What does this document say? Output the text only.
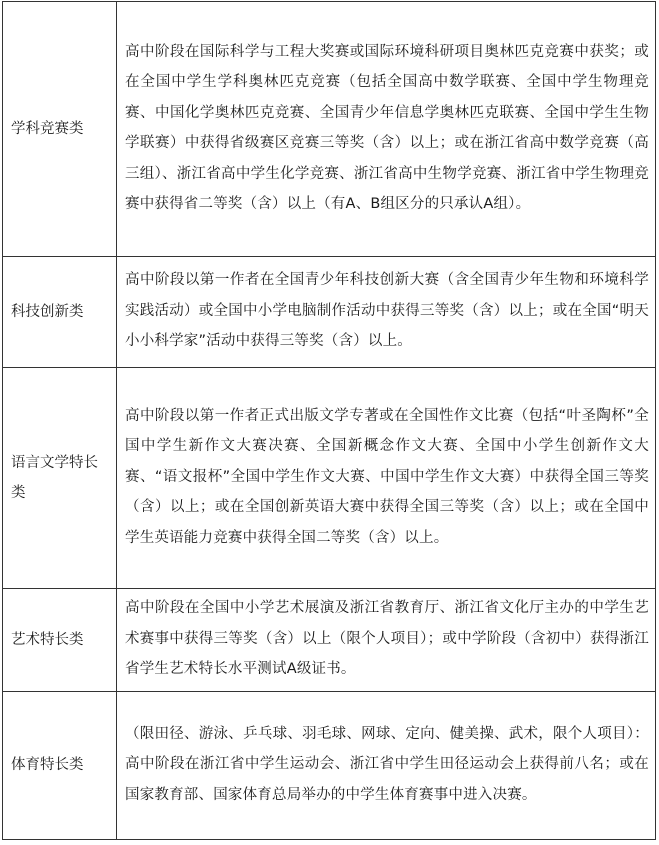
学科竞赛类	高中阶段在国际科学与工程大奖赛或国际环境科研项目奥林匹克竞赛中获奖；或在全国中学生学科奥林匹克竞赛（包括全国高中数学联赛、全国中学生物理竞赛、中国化学奥林匹克竞赛、全国青少年信息学奥林匹克联赛、全国中学生生物学联赛）中获得省级赛区竞赛三等奖（含）以上；或在浙江省高中数学竞赛（高三组）、浙江省高中学生化学竞赛、浙江省高中生物学竞赛、浙江省中学生物理竞赛中获得省二等奖（含）以上（有A、B组区分的只承认A组）。
科技创新类	高中阶段以第一作者在全国青少年科技创新大赛（含全国青少年生物和环境科学实践活动）或全国中小学电脑制作活动中获得三等奖（含）以上；或在全国“明天小小科学家”活动中获得三等奖（含）以上。
语言文学特长类	高中阶段以第一作者正式出版文学专著或在全国性作文比赛（包括“叶圣陶杯”全国中学生新作文大赛决赛、全国新概念作文大赛、全国中小学生创新作文大赛、“语文报杯”全国中学生作文大赛、中国中学生作文大赛）中获得全国三等奖（含）以上；或在全国创新英语大赛中获得全国三等奖（含）以上；或在全国中学生英语能力竞赛中获得全国二等奖（含）以上。
艺术特长类	高中阶段在全国中小学艺术展演及浙江省教育厅、浙江省文化厅主办的中学生艺术赛事中获得三等奖（含）以上（限个人项目）；或中学阶段（含初中）获得浙江省学生艺术特长水平测试A级证书。
体育特长类	（限田径、游泳、乒乓球、羽毛球、网球、定向、健美操、武术，限个人项目）：高中阶段在浙江省中学生运动会、浙江省中学生田径运动会上获得前八名；或在国家教育部、国家体育总局举办的中学生体育赛事中进入决赛。
